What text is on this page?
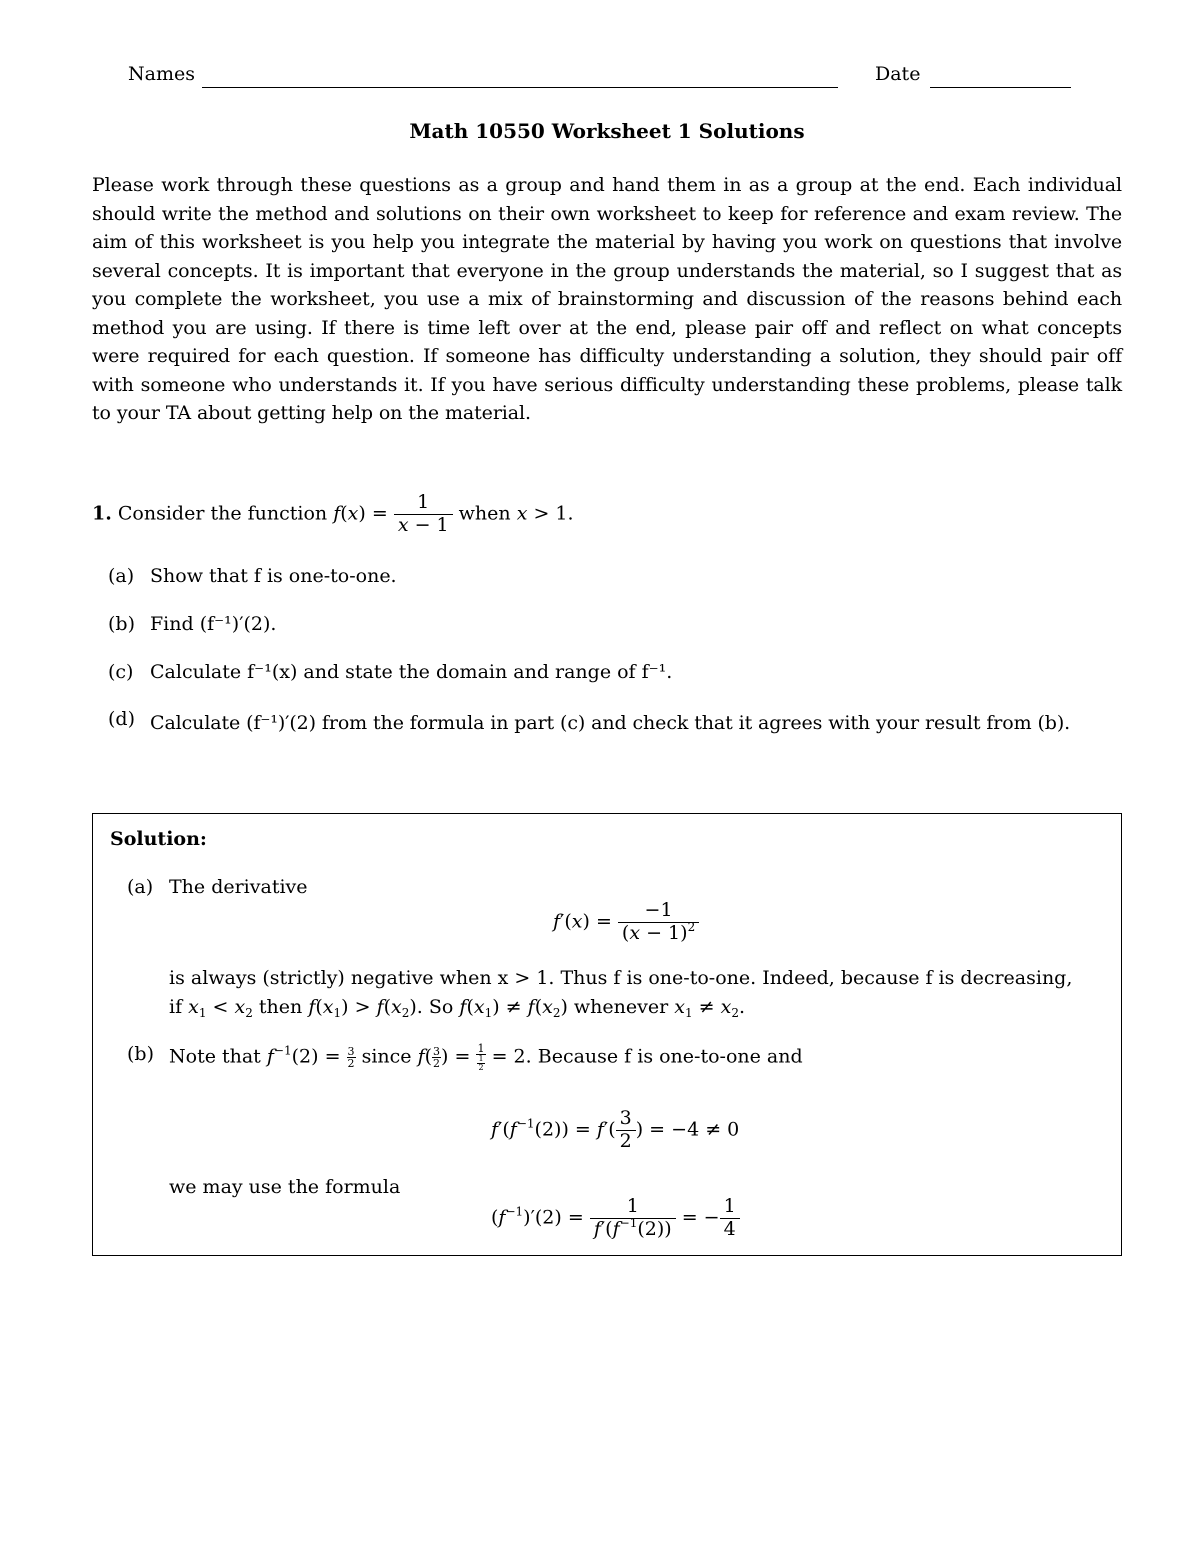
Names	Date
Math 10550 Worksheet 1 Solutions
Please work through these questions as a group and hand them in as a group at the end. Each individual should write the method and solutions on their own worksheet to keep for reference and exam review. The aim of this worksheet is you help you integrate the material by having you work on questions that involve several concepts. It is important that everyone in the group understands the material, so I suggest that as you complete the worksheet, you use a mix of brainstorming and discussion of the reasons behind each method you are using. If there is time left over at the end, please pair off and reflect on what concepts were required for each question. If someone has difficulty understanding a solution, they should pair off with someone who understands it. If you have serious difficulty understanding these problems, please talk to your TA about getting help on the material.
1. Consider the function $f(x) = \frac{1}{x - 1}$ when x > 1.
(a) Show that f is one-to-one.
(b) Find (f⁻¹)′(2).
(c) Calculate f⁻¹(x) and state the domain and range of f⁻¹.
(d) Calculate (f⁻¹)′(2) from the formula in part (c) and check that it agrees with your result from (b).
Solution:
(a) The derivative
$f'(x) = \frac{-1}{(x - 1)^2}$
is always (strictly) negative when x > 1. Thus f is one-to-one. Indeed, because f is decreasing,
if $x_1 < x_2$ then $f(x_1) > f(x_2)$. So $f(x_1) \ne f(x_2)$ whenever $x_1 \ne x_2$.
(b) Note that $f^{-1}(2) = \frac{3}{2}$ since $f( \frac{3}{2}$ ) = $\frac{1}{\frac{1}{2}} = 2$. Because f is one-to-one and
$f'(f^{-1}(2)) = f'( \frac{3}{2}$ ) = −4 ≠ 0
we may use the formula
$(f^{-1})'(2) = \frac{1}{f'(f^{-1}(2))}$ = − $\frac{1}{4}$
